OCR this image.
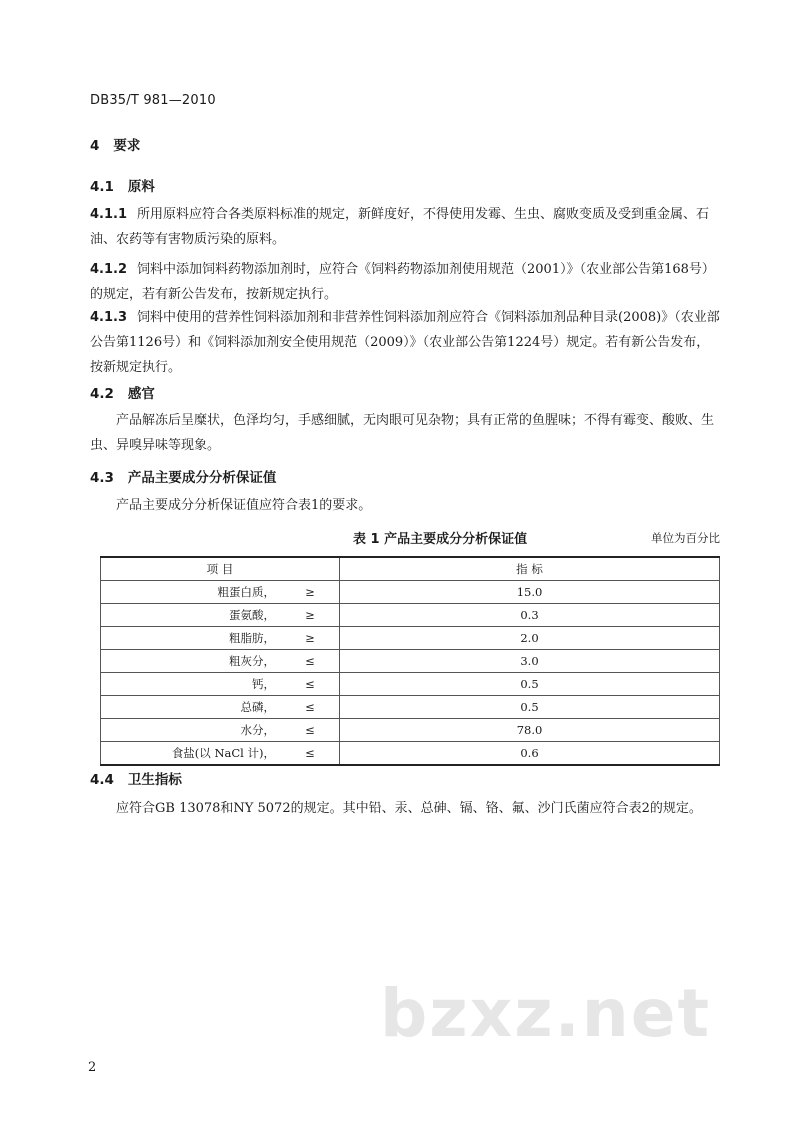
DB35/T 981—2010
4 要求
4.1 原料
4.1.1 所用原料应符合各类原料标准的规定，新鲜度好，不得使用发霉、生虫、腐败变质及受到重金属、石油、农药等有害物质污染的原料。
4.1.2 饲料中添加饲料药物添加剂时，应符合《饲料药物添加剂使用规范（2001）》（农业部公告第168号）的规定，若有新公告发布，按新规定执行。
4.1.3 饲料中使用的营养性饲料添加剂和非营养性饲料添加剂应符合《饲料添加剂品种目录(2008)》（农业部公告第1126号）和《饲料添加剂安全使用规范（2009）》（农业部公告第1224号）规定。若有新公告发布，按新规定执行。
4.2 感官
产品解冻后呈糜状，色泽均匀，手感细腻，无肉眼可见杂物；具有正常的鱼腥味；不得有霉变、酸败、生虫、异嗅异味等现象。
4.3 产品主要成分分析保证值
产品主要成分分析保证值应符合表1的要求。
表 1 产品主要成分分析保证值	单位为百分比
项 目		指 标
粗蛋白质，	≥	15.0
蛋氨酸，	≥	0.3
粗脂肪，	≥	2.0
粗灰分，	≤	3.0
钙，	≤	0.5
总磷，	≤	0.5
水分，	≤	78.0
食盐(以 NaCl 计)，	≤	0.6
4.4 卫生指标
应符合GB 13078和NY 5072的规定。其中铅、汞、总砷、镉、铬、氟、沙门氏菌应符合表2的规定。
bzxz.net
2
